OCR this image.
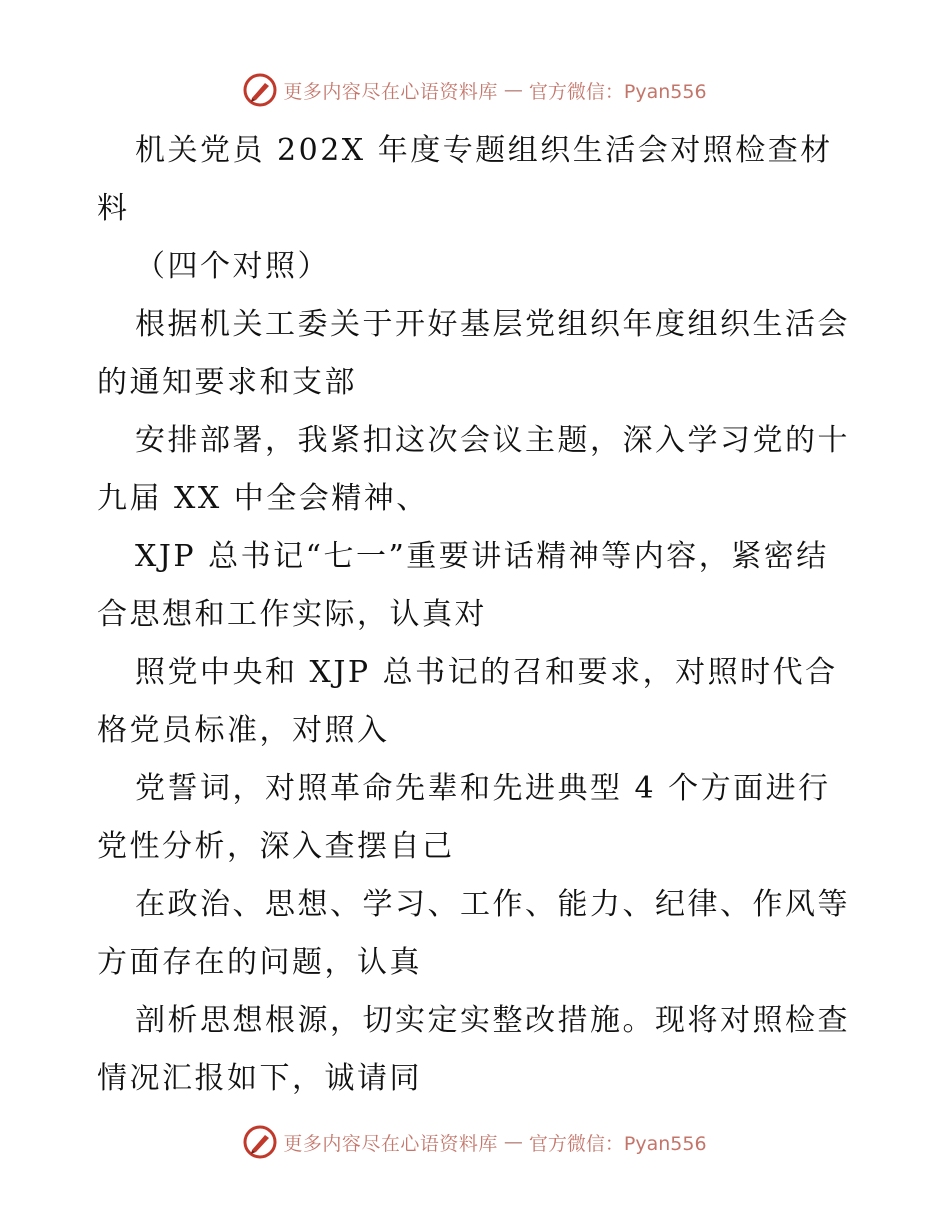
更多内容尽在心语资料库 — 官方微信：Pyan556

机关党员 202X 年度专题组织生活会对照检查材料

（四个对照）

根据机关工委关于开好基层党组织年度组织生活会的通知要求和支部

安排部署，我紧扣这次会议主题，深入学习党的十九届 XX 中全会精神、

XJP 总书记“七一”重要讲话精神等内容，紧密结合思想和工作实际，认真对

照党中央和 XJP 总书记的召和要求，对照时代合格党员标准，对照入

党誓词，对照革命先辈和先进典型 4 个方面进行党性分析，深入查摆自己

在政治、思想、学习、工作、能力、纪律、作风等方面存在的问题，认真

剖析思想根源，切实定实整改措施。现将对照检查情况汇报如下，诚请同

更多内容尽在心语资料库 — 官方微信：Pyan556
